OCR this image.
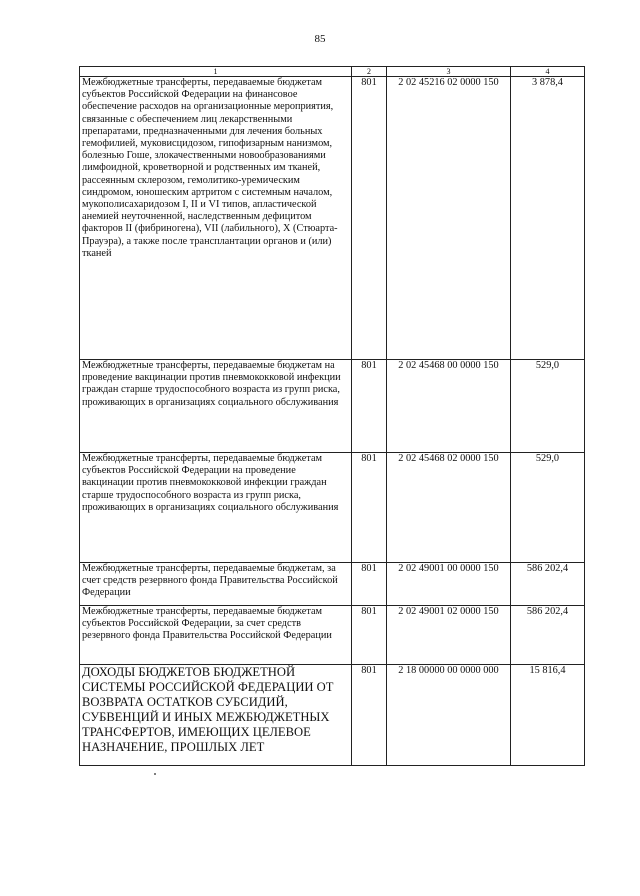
85
1	2	3	4
Межбюджетные трансферты, передаваемые бюджетам субъектов Российской Федерации на финансовое обеспечение расходов на организационные мероприятия, связанные с обеспечением лиц лекарственными препаратами, предназначенными для лечения больных гемофилией, муковисцидозом, гипофизарным нанизмом, болезнью Гоше, злокачественными новообразованиями лимфоидной, кроветворной и родственных им тканей, рассеянным склерозом, гемолитико-уремическим синдромом, юношеским артритом с системным началом, мукополисахаридозом I, II и VI типов, апластической анемией неуточненной, наследственным дефицитом факторов II (фибриногена), VII (лабильного), X (Стюарта-Прауэра), а также после трансплантации органов и (или) тканей	801	2 02 45216 02 0000 150	3 878,4
Межбюджетные трансферты, передаваемые бюджетам на проведение вакцинации против пневмококковой инфекции граждан старше трудоспособного возраста из групп риска, проживающих в организациях социального обслуживания	801	2 02 45468 00 0000 150	529,0
Межбюджетные трансферты, передаваемые бюджетам субъектов Российской Федерации на проведение вакцинации против пневмококковой инфекции граждан старше трудоспособного возраста из групп риска, проживающих в организациях социального обслуживания	801	2 02 45468 02 0000 150	529,0
Межбюджетные трансферты, передаваемые бюджетам, за счет средств резервного фонда Правительства Российской Федерации	801	2 02 49001 00 0000 150	586 202,4
Межбюджетные трансферты, передаваемые бюджетам субъектов Российской Федерации, за счет средств резервного фонда Правительства Российской Федерации	801	2 02 49001 02 0000 150	586 202,4
ДОХОДЫ БЮДЖЕТОВ БЮДЖЕТНОЙ СИСТЕМЫ РОССИЙСКОЙ ФЕДЕРАЦИИ ОТ ВОЗВРАТА ОСТАТКОВ СУБСИДИЙ, СУБВЕНЦИЙ И ИНЫХ МЕЖБЮДЖЕТНЫХ ТРАНСФЕРТОВ, ИМЕЮЩИХ ЦЕЛЕВОЕ НАЗНАЧЕНИЕ, ПРОШЛЫХ ЛЕТ	801	2 18 00000 00 0000 000	15 816,4
